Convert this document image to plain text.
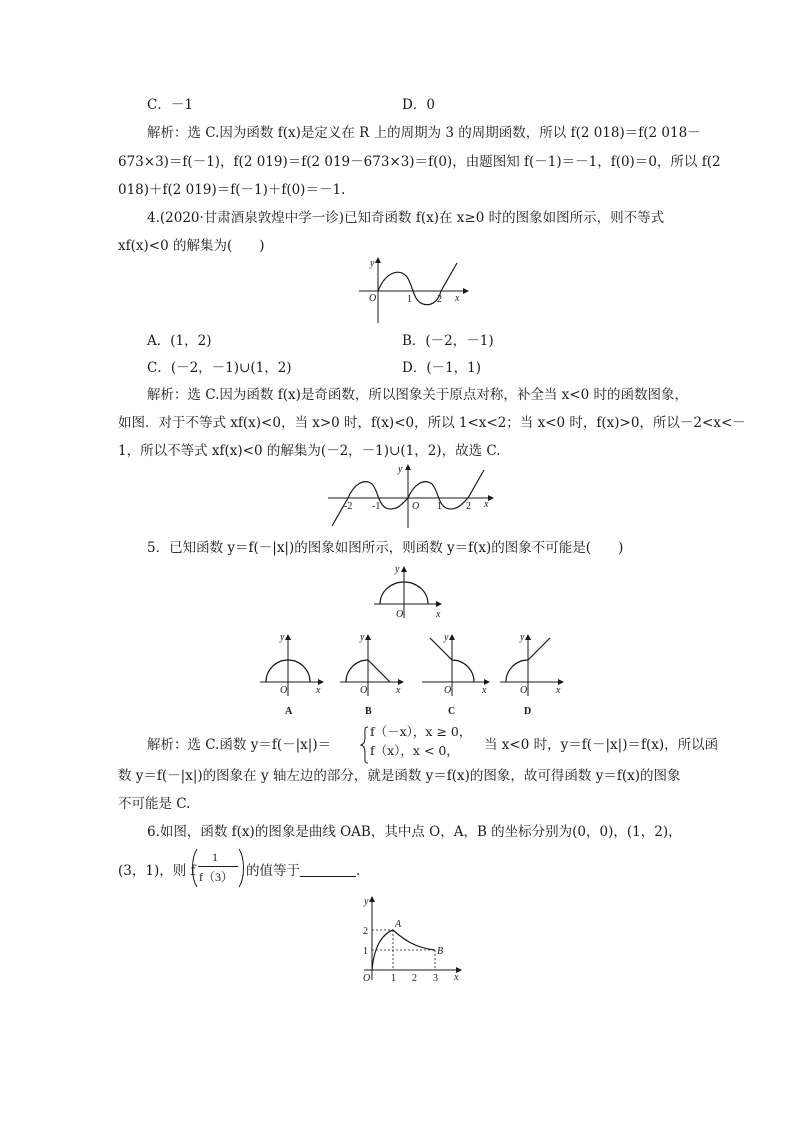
C．－1	D．0
解析：选 C.因为函数 f(x)是定义在 R 上的周期为 3 的周期函数，所以 f(2 018)＝f(2 018－
673×3)＝f(－1)，f(2 019)＝f(2 019－673×3)＝f(0)，由题图知 f(－1)＝－1，f(0)＝0，所以 f(2
018)＋f(2 019)＝f(－1)＋f(0)＝－1.
4.(2020·甘肃酒泉敦煌中学一诊)已知奇函数 f(x)在 x≥0 时的图象如图所示，则不等式
xf(x)<0 的解集为(　　)
y
x
O	1	2
A．(1，2)	B．(－2，－1)
C．(－2，－1)∪(1，2)	D．(－1，1)
解析：选 C.因为函数 f(x)是奇函数，所以图象关于原点对称，补全当 x<0 时的函数图象，
如图．对于不等式 xf(x)<0，当 x>0 时，f(x)<0，所以 1<x<2；当 x<0 时，f(x)>0，所以－2<x<－
1，所以不等式 xf(x)<0 的解集为(－2，－1)∪(1，2)，故选 C.
y
x
O
-2 -1	1 2
5．已知函数 y＝f(－|x|)的图象如图所示，则函数 y＝f(x)的图象不可能是(　　)
y
x
O
y
x
O
y
x
O
y
x
O
y
x
O
A	B	C	D
解析：选 C.函数 y＝f(－|x|)＝
f（－x），x ≥ 0，
f（x），x < 0， 当 x<0 时，y＝f(－|x|)＝f(x)，所以函
数 y＝f(－|x|)的图象在 y 轴左边的部分，就是函数 y＝f(x)的图象，故可得函数 y＝f(x)的图象
不可能是 C.
6.如图，函数 f(x)的图象是曲线 OAB，其中点 O，A，B 的坐标分别为(0，0)，(1，2)，
(3，1)，则 f
1
f（3） 的值等于	.
y
x
O
A
B
2
1
1 2 3
